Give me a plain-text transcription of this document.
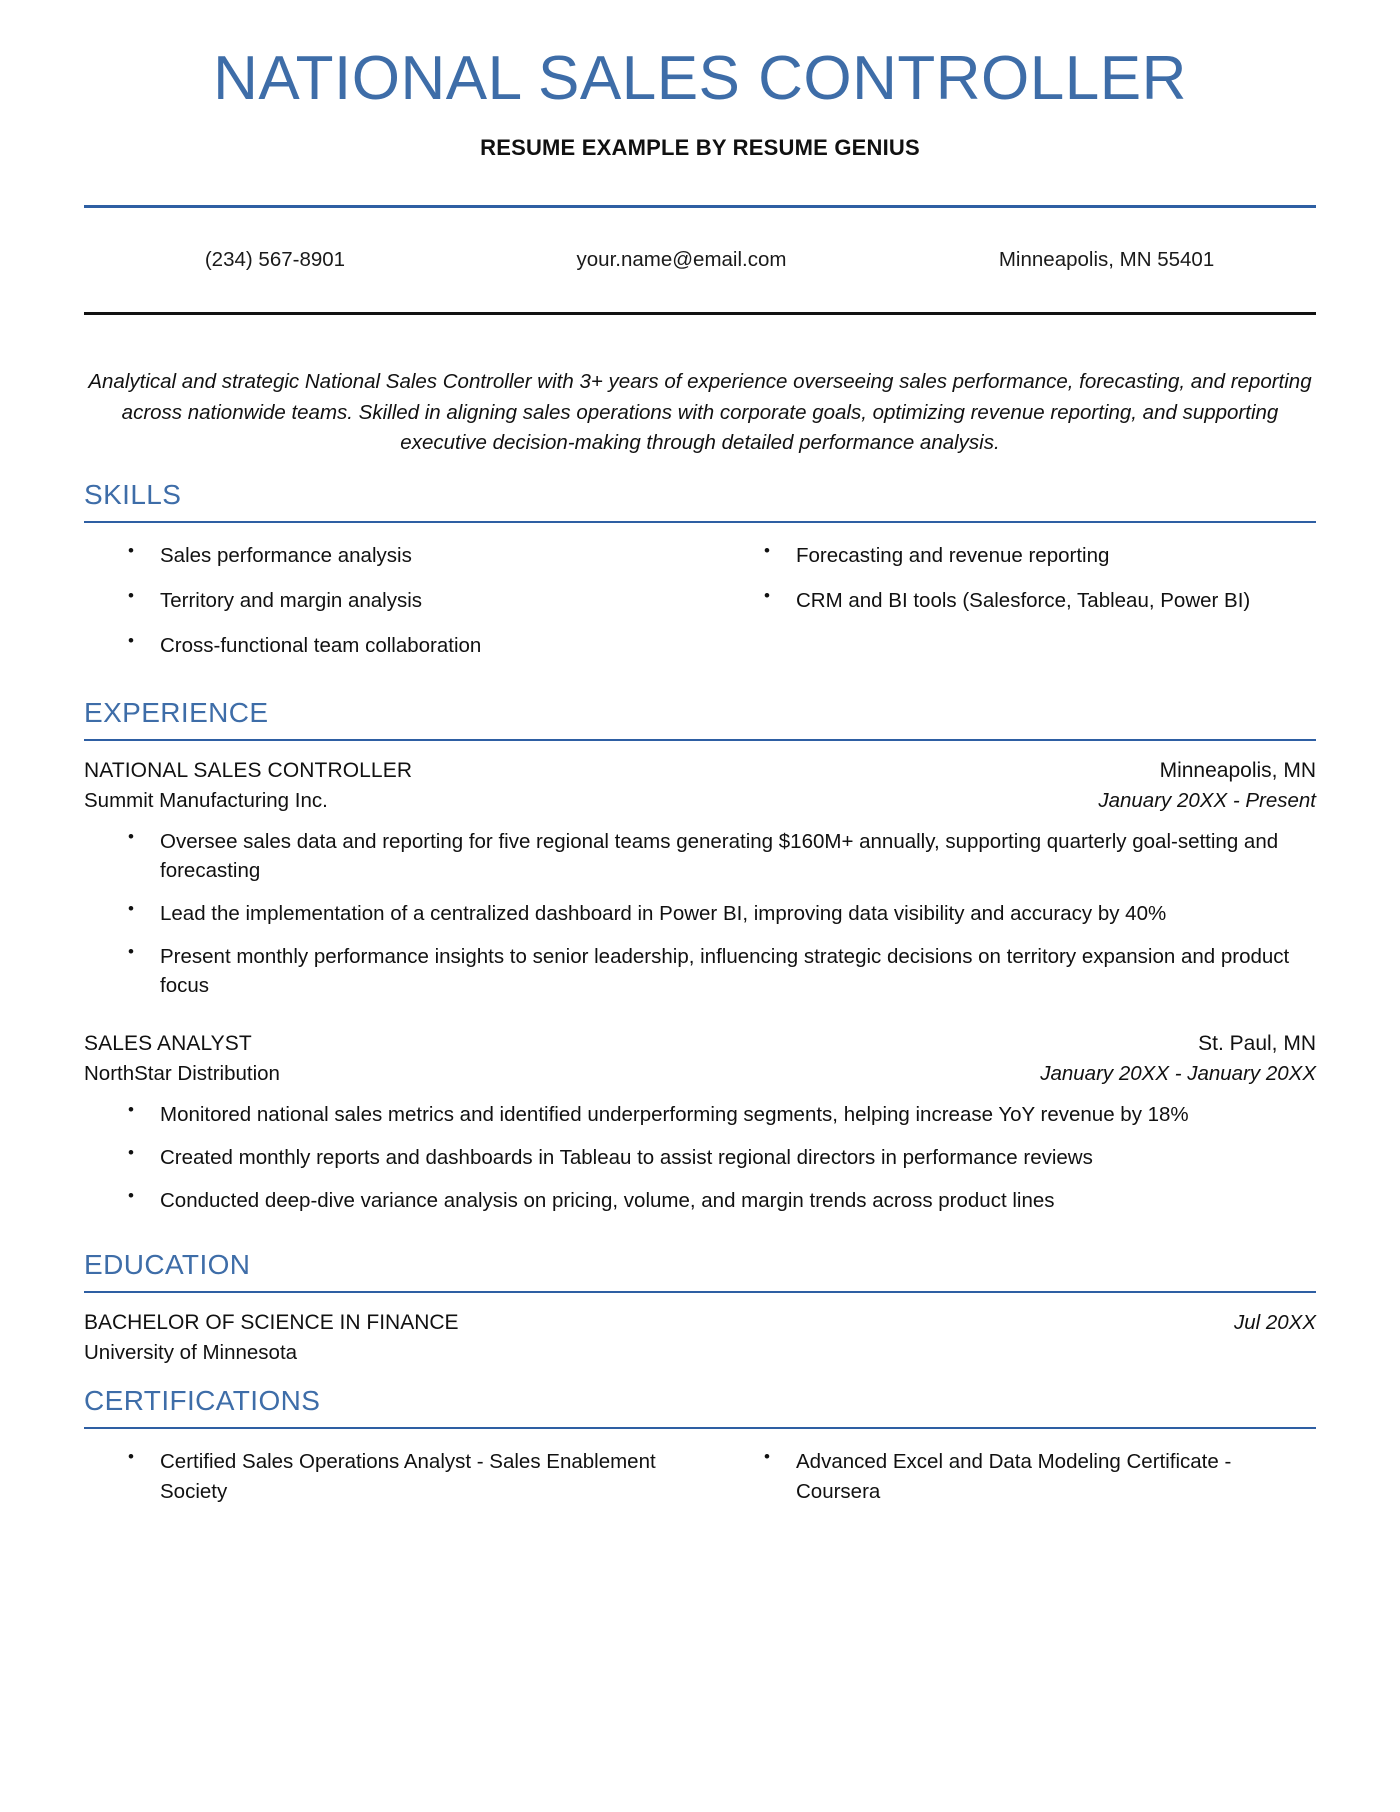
NATIONAL SALES CONTROLLER
RESUME EXAMPLE BY RESUME GENIUS
(234) 567-8901	your.name@email.com	Minneapolis, MN 55401
Analytical and strategic National Sales Controller with 3+ years of experience overseeing sales performance, forecasting, and reporting across nationwide teams. Skilled in aligning sales operations with corporate goals, optimizing revenue reporting, and supporting executive decision-making through detailed performance analysis.
SKILLS
• Sales performance analysis
• Territory and margin analysis
• Cross-functional team collaboration
• Forecasting and revenue reporting
• CRM and BI tools (Salesforce, Tableau, Power BI)
EXPERIENCE
NATIONAL SALES CONTROLLER	Minneapolis, MN
Summit Manufacturing Inc.	January 20XX - Present
• Oversee sales data and reporting for five regional teams generating $160M+ annually, supporting quarterly goal-setting and forecasting
• Lead the implementation of a centralized dashboard in Power BI, improving data visibility and accuracy by 40%
• Present monthly performance insights to senior leadership, influencing strategic decisions on territory expansion and product focus
SALES ANALYST	St. Paul, MN
NorthStar Distribution	January 20XX - January 20XX
• Monitored national sales metrics and identified underperforming segments, helping increase YoY revenue by 18%
• Created monthly reports and dashboards in Tableau to assist regional directors in performance reviews
• Conducted deep-dive variance analysis on pricing, volume, and margin trends across product lines
EDUCATION
BACHELOR OF SCIENCE IN FINANCE	Jul 20XX
University of Minnesota
CERTIFICATIONS
• Certified Sales Operations Analyst - Sales Enablement Society
• Advanced Excel and Data Modeling Certificate - Coursera
